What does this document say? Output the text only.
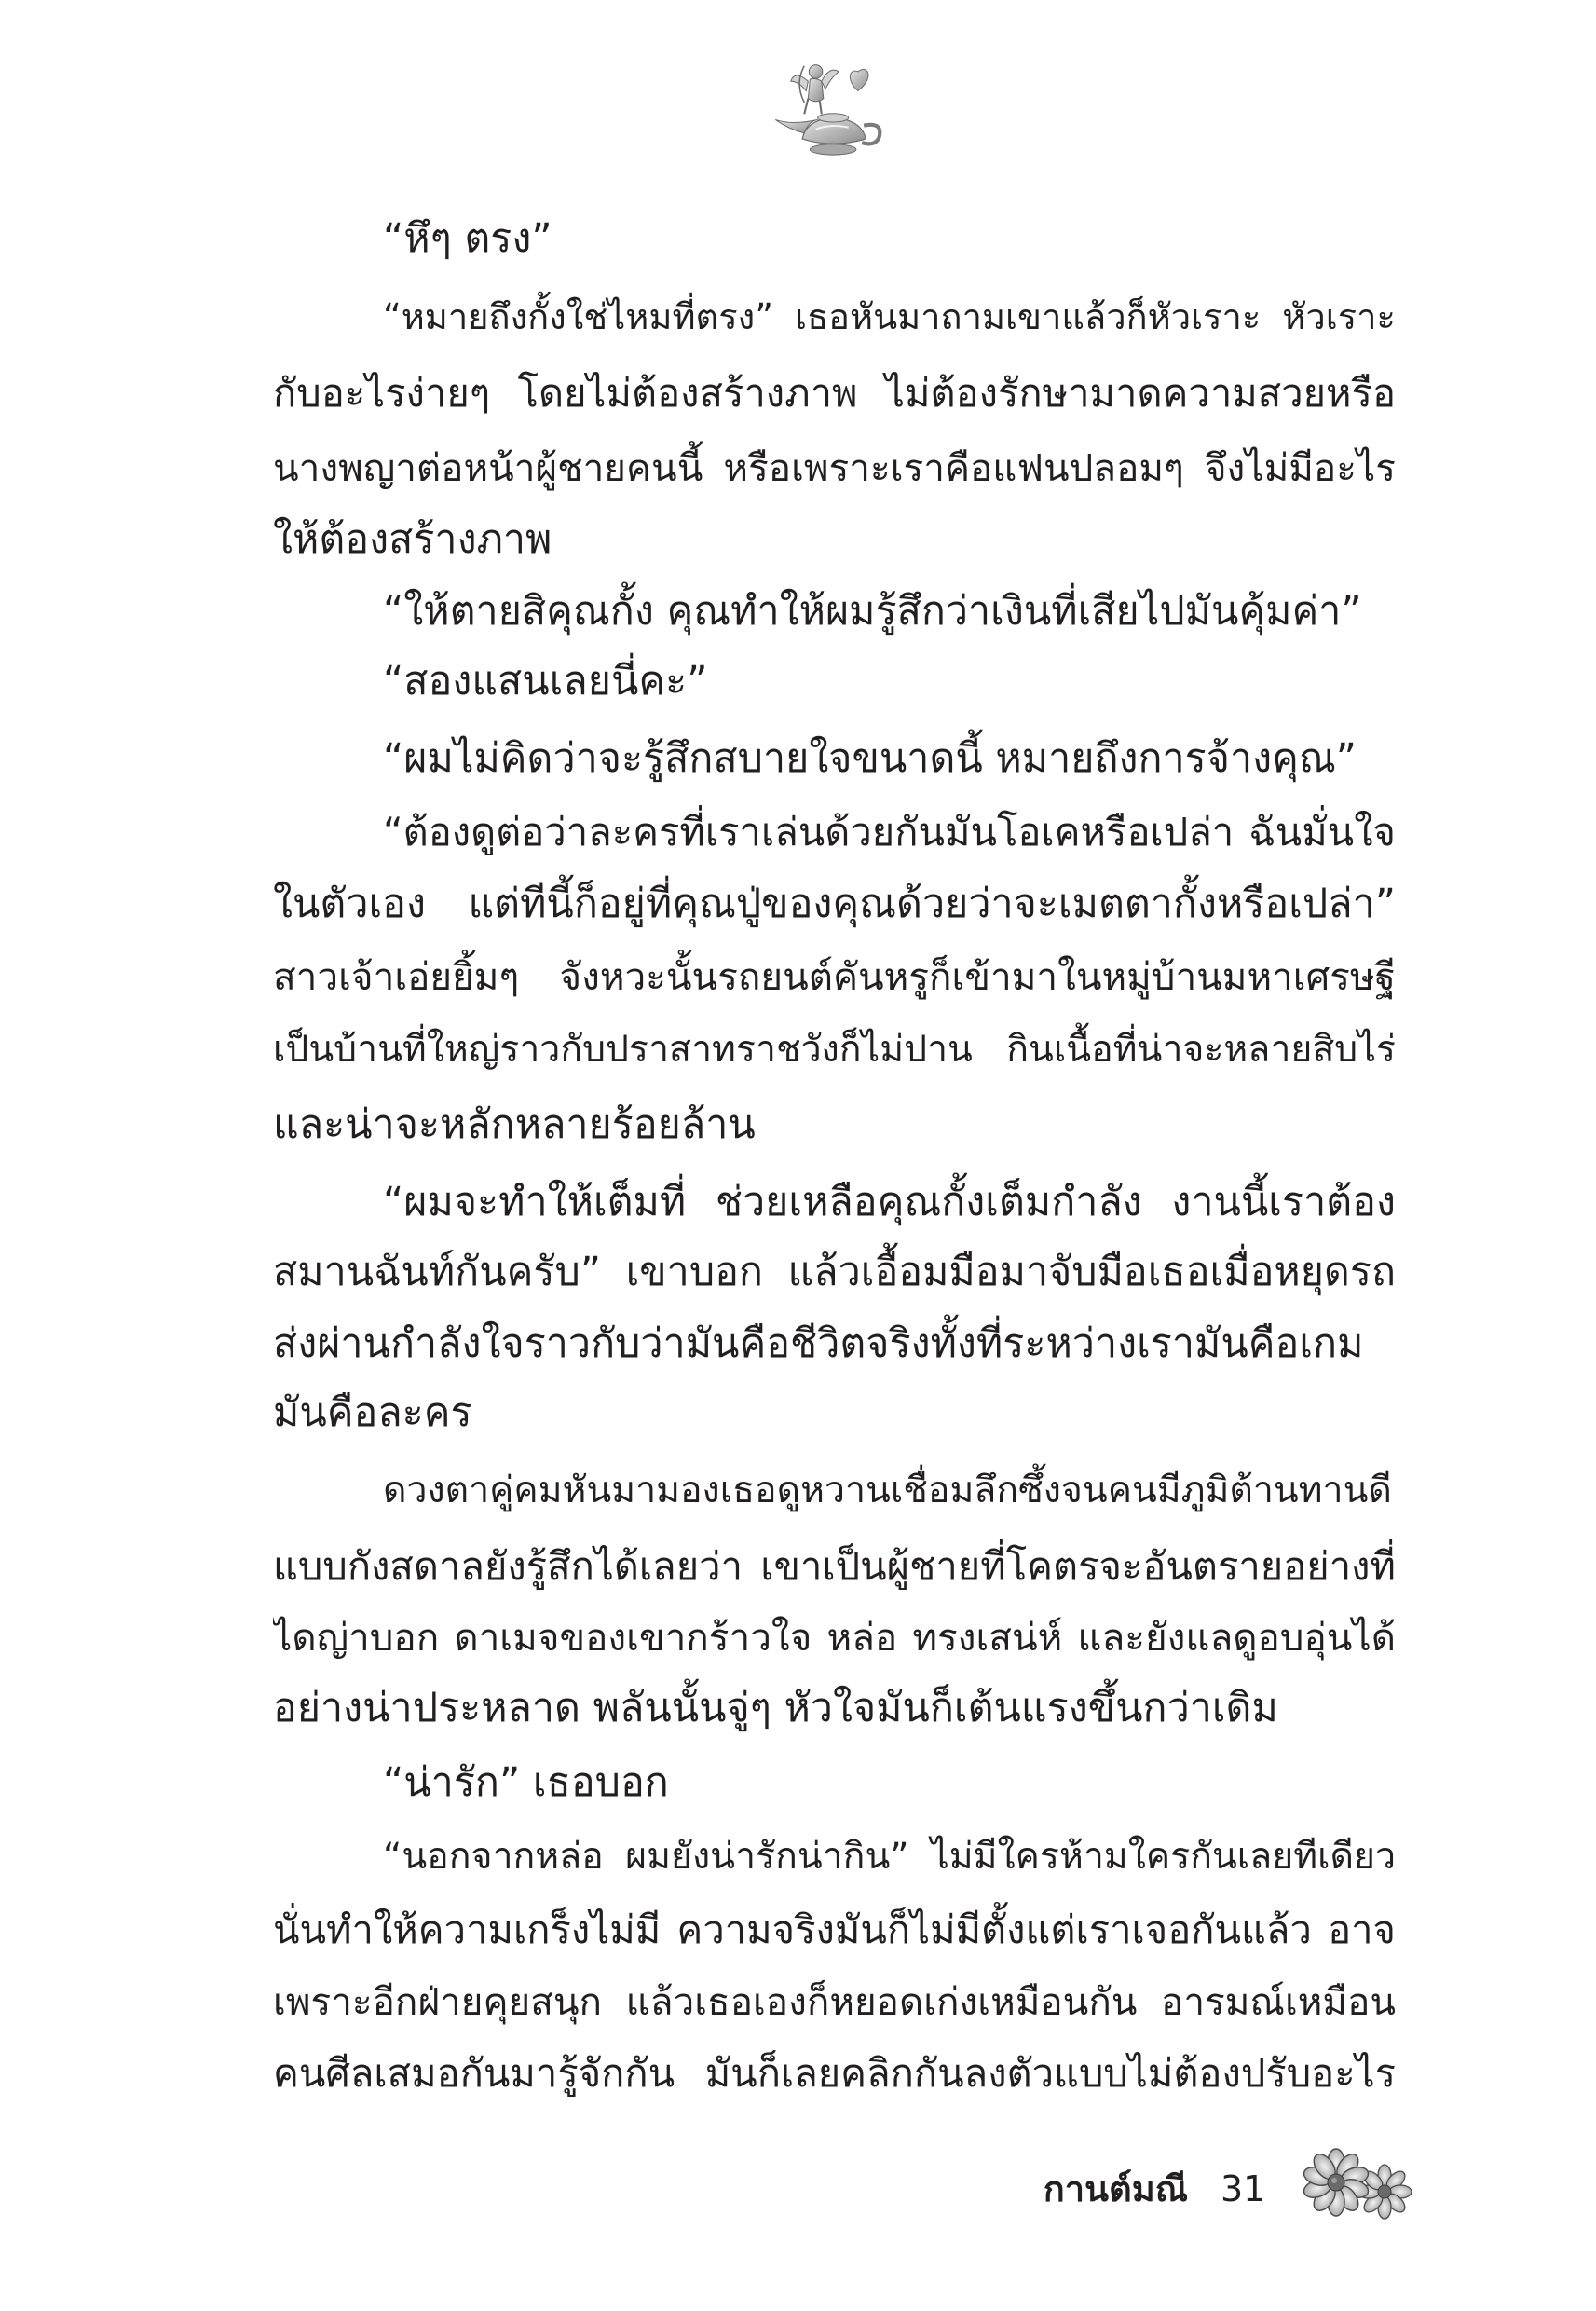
“หึๆ ตรง”
“หมายถึงกั้งใช่ไหมที่ตรง” เธอหันมาถามเขาแล้วก็หัวเราะ หัวเราะ
กับอะไรง่ายๆ โดยไม่ต้องสร้างภาพ ไม่ต้องรักษามาดความสวยหรือ
นางพญาต่อหน้าผู้ชายคนนี้ หรือเพราะเราคือแฟนปลอมๆ จึงไม่มีอะไร
ให้ต้องสร้างภาพ
“ให้ตายสิคุณกั้ง คุณทำให้ผมรู้สึกว่าเงินที่เสียไปมันคุ้มค่า”
“สองแสนเลยนี่คะ”
“ผมไม่คิดว่าจะรู้สึกสบายใจขนาดนี้ หมายถึงการจ้างคุณ”
“ต้องดูต่อว่าละครที่เราเล่นด้วยกันมันโอเคหรือเปล่า ฉันมั่นใจ
ในตัวเอง แต่ทีนี้ก็อยู่ที่คุณปู่ของคุณด้วยว่าจะเมตตากั้งหรือเปล่า”
สาวเจ้าเอ่ยยิ้มๆ จังหวะนั้นรถยนต์คันหรูก็เข้ามาในหมู่บ้านมหาเศรษฐี
เป็นบ้านที่ใหญ่ราวกับปราสาทราชวังก็ไม่ปาน กินเนื้อที่น่าจะหลายสิบไร่
และน่าจะหลักหลายร้อยล้าน
“ผมจะทำให้เต็มที่ ช่วยเหลือคุณกั้งเต็มกำลัง งานนี้เราต้อง
สมานฉันท์กันครับ” เขาบอก แล้วเอื้อมมือมาจับมือเธอเมื่อหยุดรถ
ส่งผ่านกำลังใจราวกับว่ามันคือชีวิตจริงทั้งที่ระหว่างเรามันคือเกม
มันคือละคร
ดวงตาคู่คมหันมามองเธอดูหวานเชื่อมลึกซึ้งจนคนมีภูมิต้านทานดี
แบบกังสดาลยังรู้สึกได้เลยว่า เขาเป็นผู้ชายที่โคตรจะอันตรายอย่างที่
ไดญ่าบอก ดาเมจของเขากร้าวใจ หล่อ ทรงเสน่ห์ และยังแลดูอบอุ่นได้
อย่างน่าประหลาด พลันนั้นจู่ๆ หัวใจมันก็เต้นแรงขึ้นกว่าเดิม
“น่ารัก” เธอบอก
“นอกจากหล่อ ผมยังน่ารักน่ากิน” ไม่มีใครห้ามใครกันเลยทีเดียว
นั่นทำให้ความเกร็งไม่มี ความจริงมันก็ไม่มีตั้งแต่เราเจอกันแล้ว อาจ
เพราะอีกฝ่ายคุยสนุก แล้วเธอเองก็หยอดเก่งเหมือนกัน อารมณ์เหมือน
คนศีลเสมอกันมารู้จักกัน มันก็เลยคลิกกันลงตัวแบบไม่ต้องปรับอะไร
กานต์มณี 31
